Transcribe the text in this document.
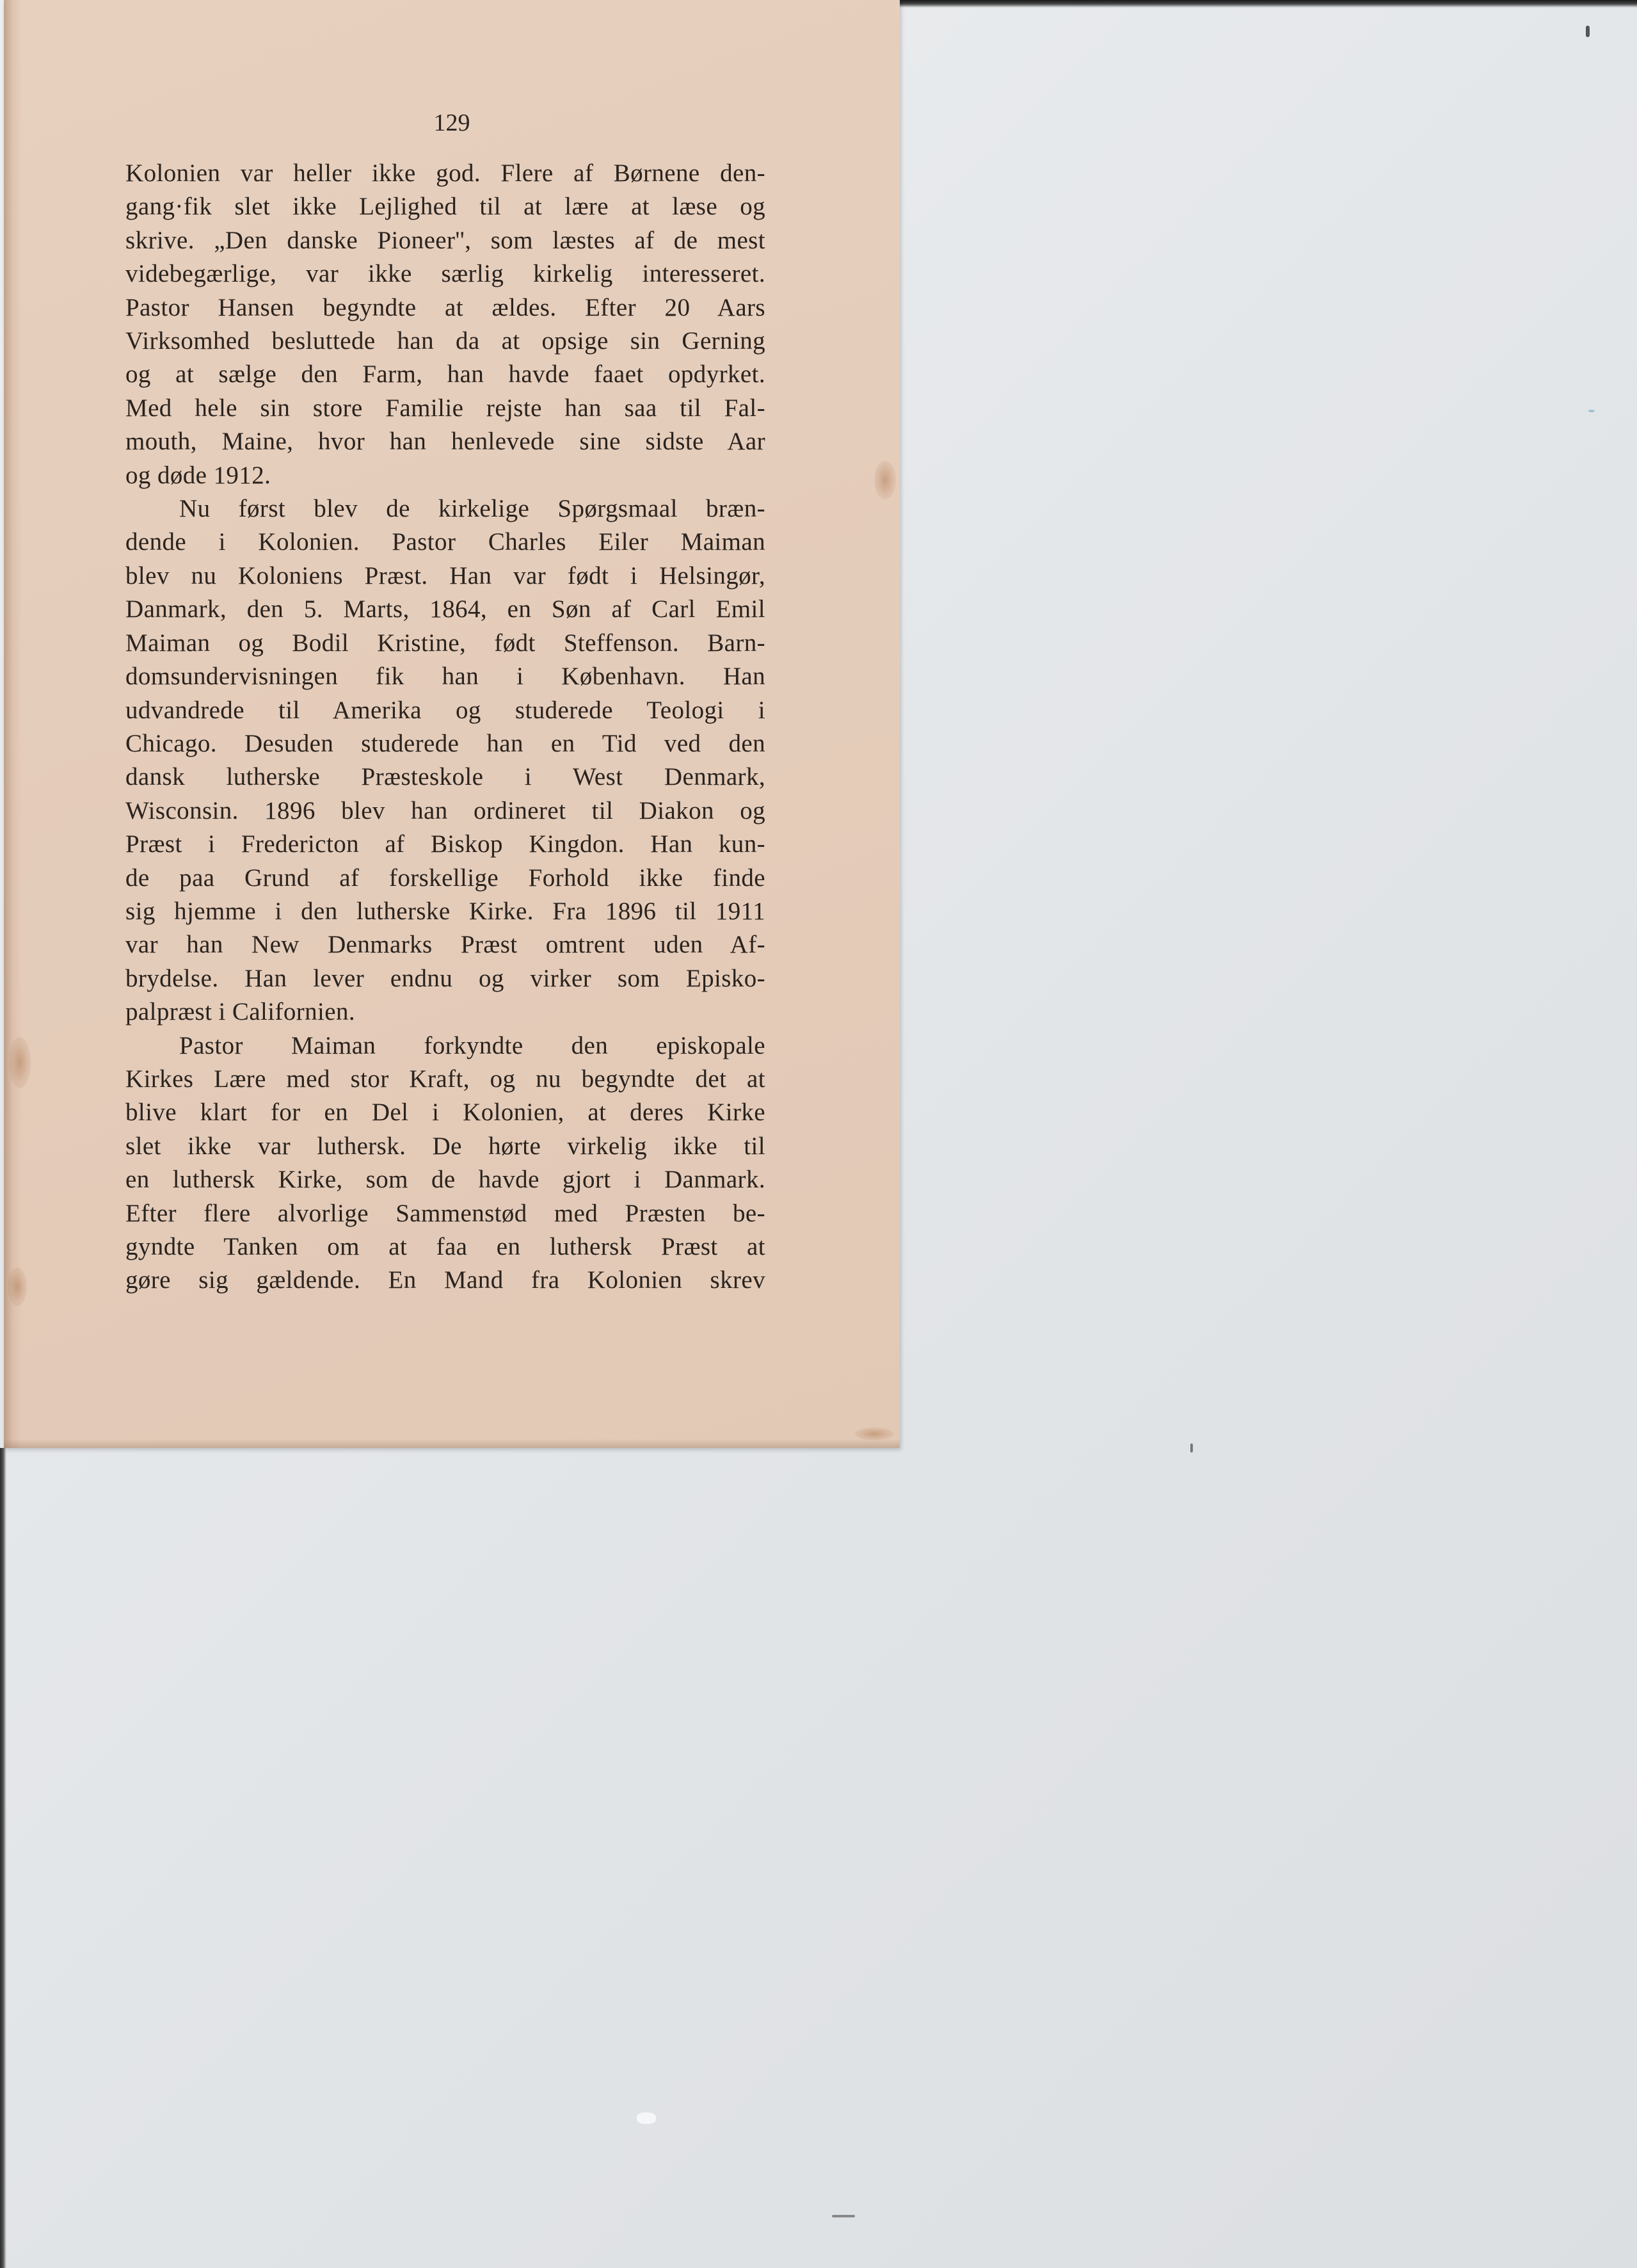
129

Kolonien var heller ikke god. Flere af Børnene den-
gang·fik slet ikke Lejlighed til at lære at læse og
skrive. „Den danske Pioneer'', som læstes af de mest
videbegærlige, var ikke særlig kirkelig interesseret.
Pastor Hansen begyndte at ældes. Efter 20 Aars
Virksomhed besluttede han da at opsige sin Gerning
og at sælge den Farm, han havde faaet opdyrket.
Med hele sin store Familie rejste han saa til Fal-
mouth, Maine, hvor han henlevede sine sidste Aar
og døde 1912.
Nu først blev de kirkelige Spørgsmaal bræn-
dende i Kolonien. Pastor Charles Eiler Maiman
blev nu Koloniens Præst. Han var født i Helsingør,
Danmark, den 5. Marts, 1864, en Søn af Carl Emil
Maiman og Bodil Kristine, født Steffenson. Barn-
domsundervisningen fik han i København. Han
udvandrede til Amerika og studerede Teologi i
Chicago. Desuden studerede han en Tid ved den
dansk lutherske Præsteskole i West Denmark,
Wisconsin. 1896 blev han ordineret til Diakon og
Præst i Fredericton af Biskop Kingdon. Han kun-
de paa Grund af forskellige Forhold ikke finde
sig hjemme i den lutherske Kirke. Fra 1896 til 1911
var han New Denmarks Præst omtrent uden Af-
brydelse. Han lever endnu og virker som Episko-
palpræst i Californien.
Pastor Maiman forkyndte den episkopale
Kirkes Lære med stor Kraft, og nu begyndte det at
blive klart for en Del i Kolonien, at deres Kirke
slet ikke var luthersk. De hørte virkelig ikke til
en luthersk Kirke, som de havde gjort i Danmark.
Efter flere alvorlige Sammenstød med Præsten be-
gyndte Tanken om at faa en luthersk Præst at
gøre sig gældende. En Mand fra Kolonien skrev
